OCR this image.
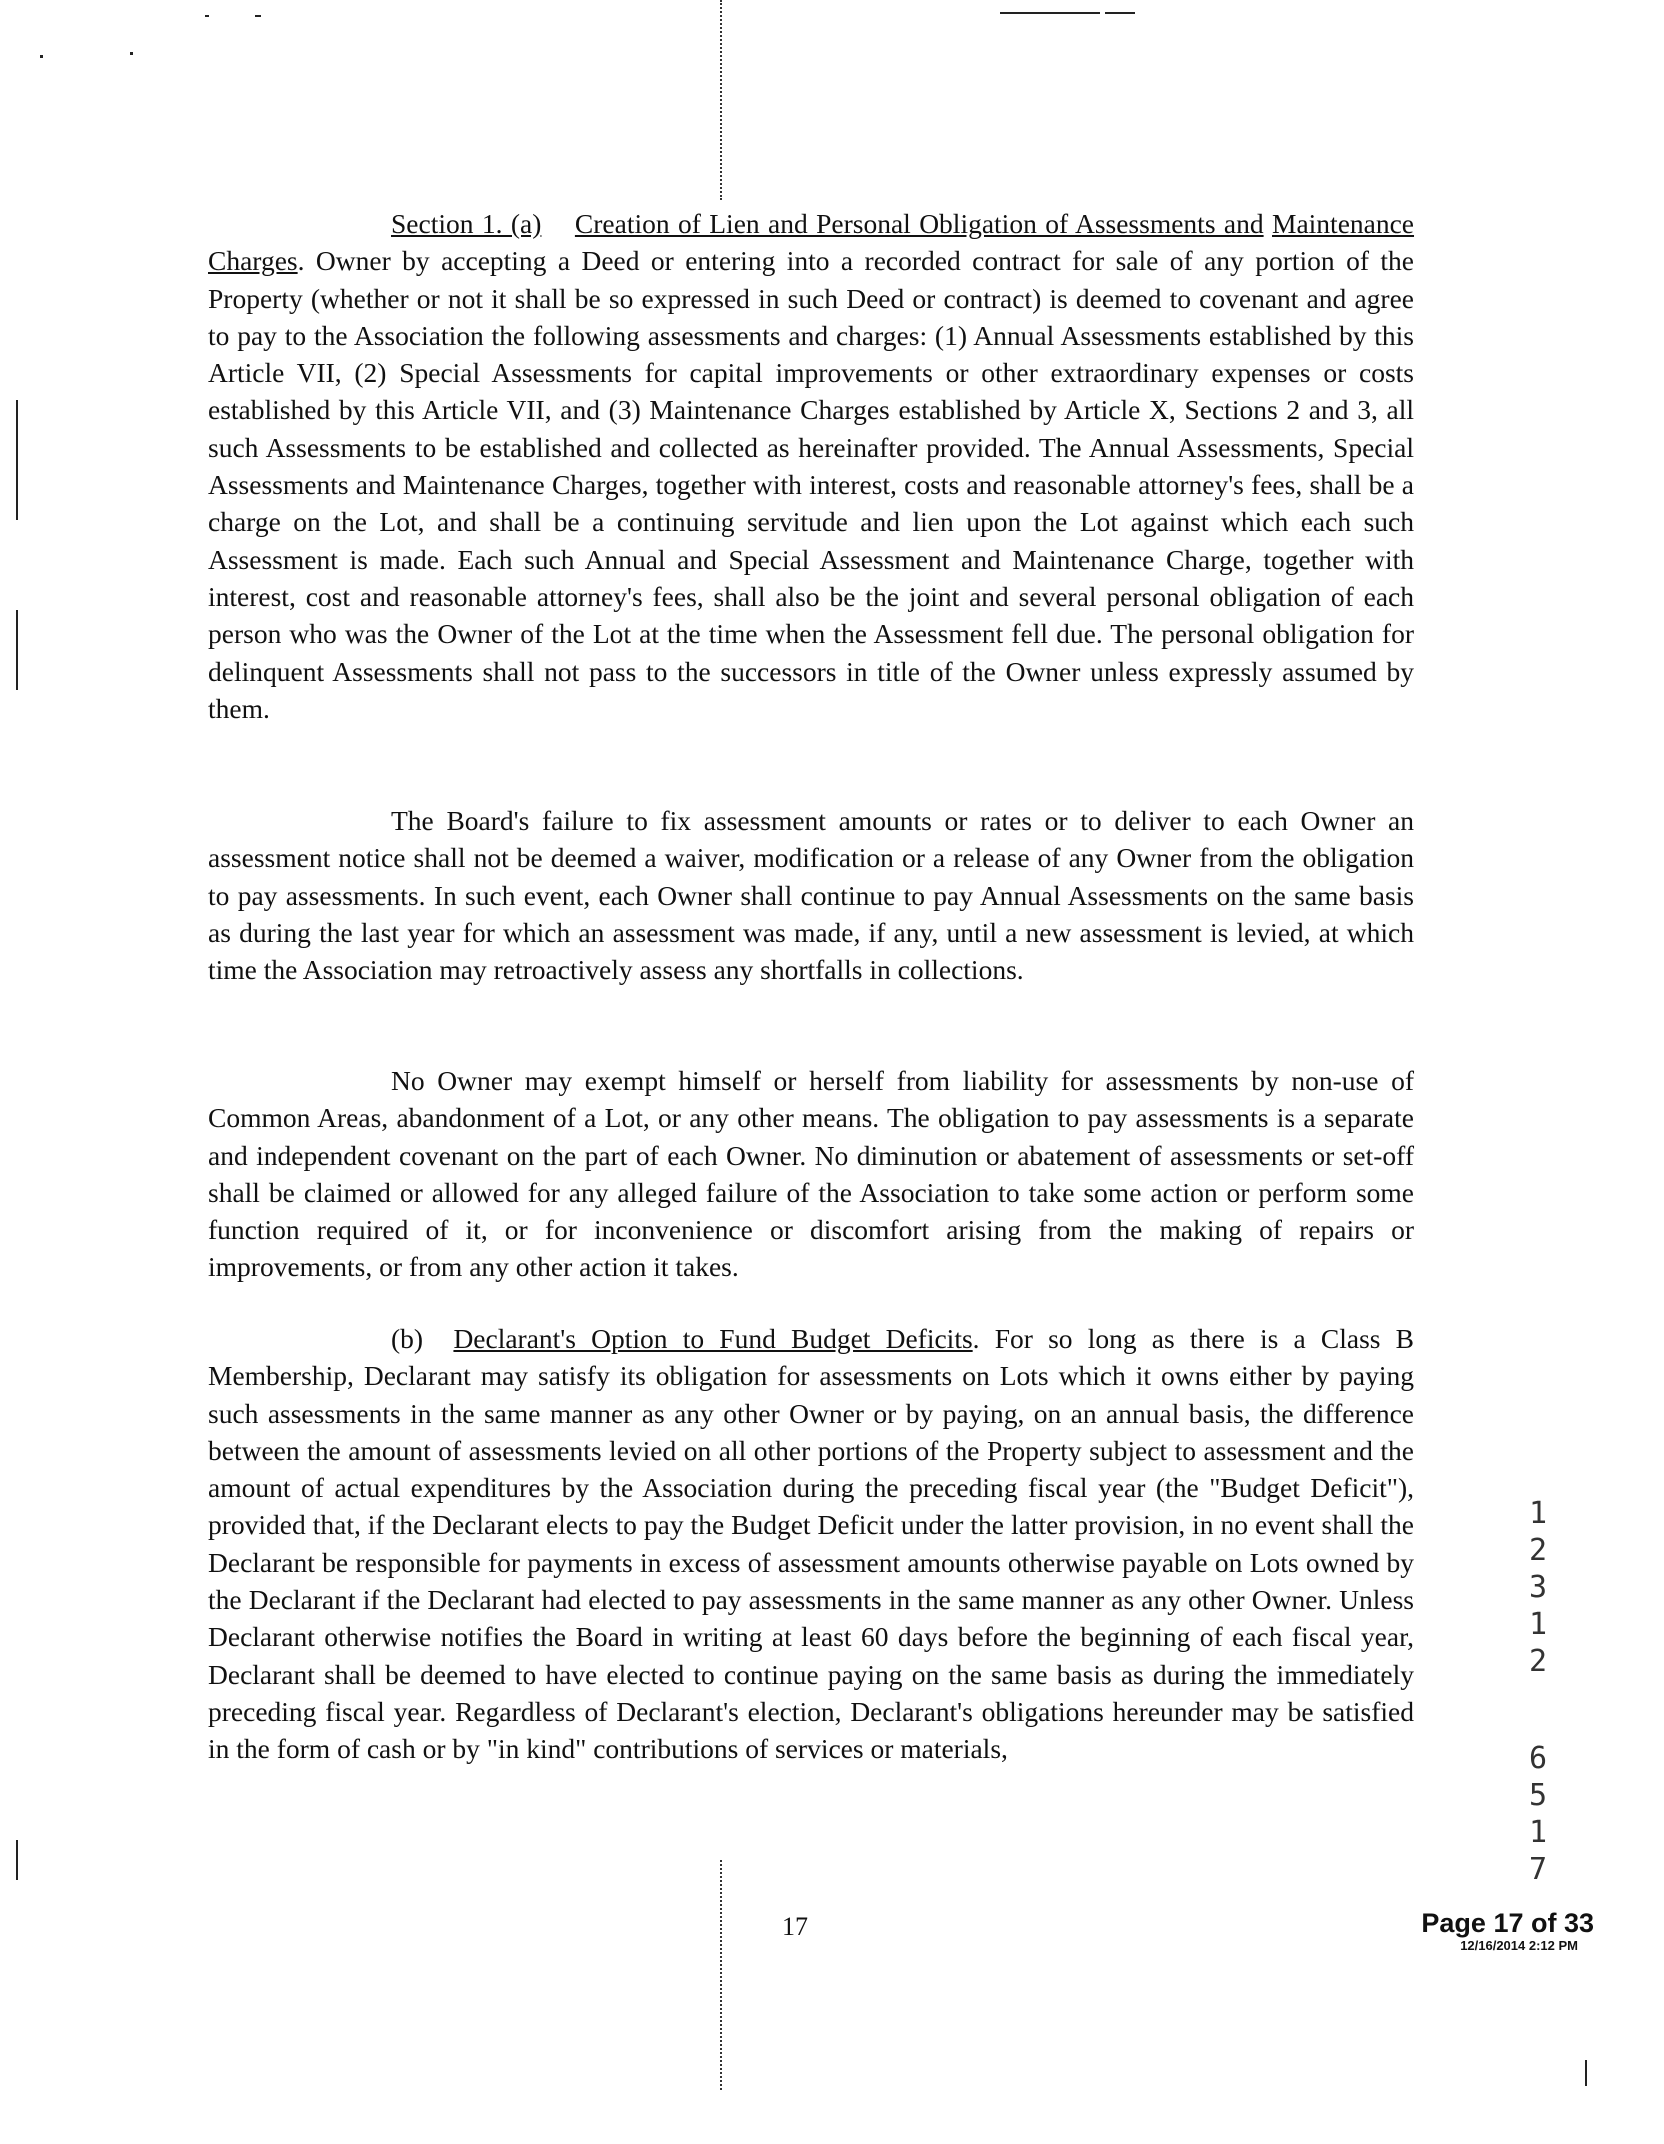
Section 1. (a) Creation of Lien and Personal Obligation of Assessments and Maintenance Charges. Owner by accepting a Deed or entering into a recorded contract for sale of any portion of the Property (whether or not it shall be so expressed in such Deed or contract) is deemed to covenant and agree to pay to the Association the following assessments and charges: (1) Annual Assessments established by this Article VII, (2) Special Assessments for capital improvements or other extraordinary expenses or costs established by this Article VII, and (3) Maintenance Charges established by Article X, Sections 2 and 3, all such Assessments to be established and collected as hereinafter provided. The Annual Assessments, Special Assessments and Maintenance Charges, together with interest, costs and reasonable attorney's fees, shall be a charge on the Lot, and shall be a continuing servitude and lien upon the Lot against which each such Assessment is made. Each such Annual and Special Assessment and Maintenance Charge, together with interest, cost and reasonable attorney's fees, shall also be the joint and several personal obligation of each person who was the Owner of the Lot at the time when the Assessment fell due. The personal obligation for delinquent Assessments shall not pass to the successors in title of the Owner unless expressly assumed by them.

The Board's failure to fix assessment amounts or rates or to deliver to each Owner an assessment notice shall not be deemed a waiver, modification or a release of any Owner from the obligation to pay assessments. In such event, each Owner shall continue to pay Annual Assessments on the same basis as during the last year for which an assessment was made, if any, until a new assessment is levied, at which time the Association may retroactively assess any shortfalls in collections.

No Owner may exempt himself or herself from liability for assessments by non-use of Common Areas, abandonment of a Lot, or any other means. The obligation to pay assessments is a separate and independent covenant on the part of each Owner. No diminution or abatement of assessments or set-off shall be claimed or allowed for any alleged failure of the Association to take some action or perform some function required of it, or for inconvenience or discomfort arising from the making of repairs or improvements, or from any other action it takes.

(b) Declarant's Option to Fund Budget Deficits. For so long as there is a Class B Membership, Declarant may satisfy its obligation for assessments on Lots which it owns either by paying such assessments in the same manner as any other Owner or by paying, on an annual basis, the difference between the amount of assessments levied on all other portions of the Property subject to assessment and the amount of actual expenditures by the Association during the preceding fiscal year (the "Budget Deficit"), provided that, if the Declarant elects to pay the Budget Deficit under the latter provision, in no event shall the Declarant be responsible for payments in excess of assessment amounts otherwise payable on Lots owned by the Declarant if the Declarant had elected to pay assessments in the same manner as any other Owner. Unless Declarant otherwise notifies the Board in writing at least 60 days before the beginning of each fiscal year, Declarant shall be deemed to have elected to continue paying on the same basis as during the immediately preceding fiscal year. Regardless of Declarant's election, Declarant's obligations hereunder may be satisfied in the form of cash or by "in kind" contributions of services or materials,

17	Page 17 of 33
12/16/2014 2:12 PM
1
2
3
1
2
6
5
1
7
